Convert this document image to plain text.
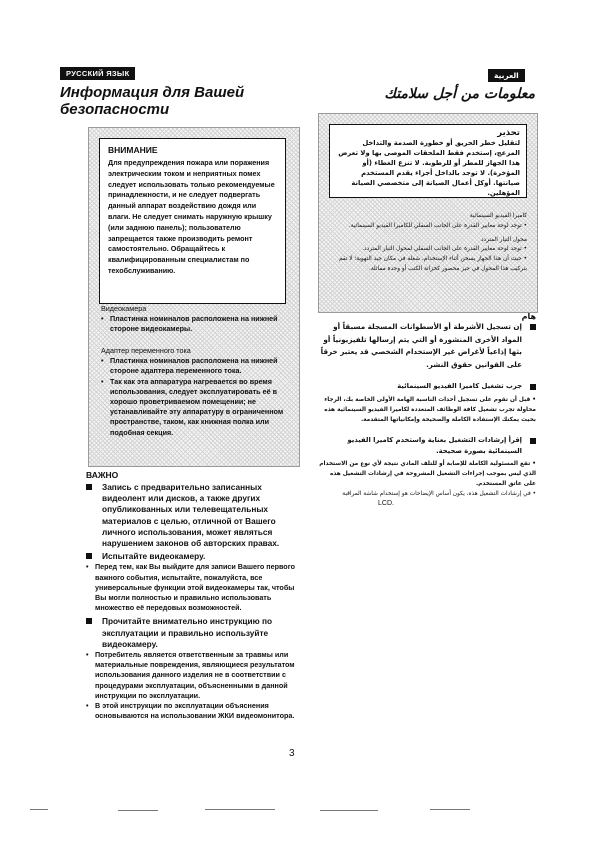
РУССКИЙ ЯЗЫК
Информация для Вашей безопасности
ВНИМАНИЕ
Для предупреждения пожара или поражения электрическим током и неприятных помех следует использовать только рекомендуемые принадлежности, и не следует подвергать данный аппарат воздействию дождя или влаги. Не следует снимать наружную крышку (или заднюю панель); пользователю запрещается также производить ремонт самостоятельно. Обращайтесь к квалифицированным специалистам по техобслуживанию.
Видеокамера
• Пластинка номиналов расположена на нижней стороне видеокамеры.
Адаптер переменного тока
• Пластинка номиналов расположена на нижней стороне адаптера переменного тока.
• Так как эта аппаратура нагревается во время использования, следует эксплуатировать её в хорошо проветриваемом помещении; не устанавливайте эту аппаратуру в ограниченном пространстве, таком, как книжная полка или подобная секция.
ВАЖНО
Запись с предварительно записанных видеолент или дисков, а также других опубликованных или телевещательных материалов с целью, отличной от Вашего личного использования, может являться нарушением законов об авторских правах.
Испытайте видеокамеру.
• Перед тем, как Вы выйдите для записи Вашего первого важного события, испытайте, пожалуйста, все универсальные функции этой видеокамеры так, чтобы Вы могли полностью и правильно использовать множество её передовых возможностей.
Прочитайте внимательно инструкцию по эксплуатации и правильно используйте видеокамеру.
• Потребитель является ответственным за травмы или материальные повреждения, являющиеся результатом использования данного изделия не в соответствии с процедурами эксплуатации, объясненными в данной инструкции по эксплуатации.
• В этой инструкции по эксплуатации объяснения основываются на использовании ЖКИ видеомонитора.
العربية
معلومات من أجل سلامتك
تحذير
لتقليل خطر الحريق أو خطورة الصدمة والتداخل المزعج، إستخدم فقط الملحقات الموصى بها ولا تعرض هذا الجهاز للمطر أو للرطوبة. لا تنزع الغطاء (أو المؤخرة). لا توجد بالداخل أجزاء يقدم المستخدم صيانتها. أوكل أعمال الصيانة إلى متخصصي الصيانة المؤهلين.
كاميرا الفيديو السينمائية
• توجد لوحة معايير القدرة على الجانب السفلي للكاميرا الفيديو السينمائية.
محول التيار المتردد
• توجد لوحة معايير القدرة على الجانب السفلي لمحول التيار المتردد.
• حيث أن هذا الجهاز يسخن أثناء الإستخدام، شغله في مكان جيد التهوية؛ لا تقم بتركيب هذا المحول في حيز محصور كخزانة الكتب أو وحدة مماثلة.
هام
إن تسجيل الأشرطة أو الأسطوانات المسجلة مسبقاً أو المواد الأخرى المنشورة أو التي يتم إرسالها تلفيزيونياً أو بثها إذاعياً لأغراض غير الإستخدام الشخصي قد يعتبر خرقاً على القوانين حقوق النشر.
جرب تشغيل كاميرا الفيديو السينمائية
• قبل أن تقوم على تسجيل أحداث الناسبة الهامة الأولى الخاصة بك، الرجاء محاولة تجرب تشغيل كافة الوظائف المتعددة لكاميرا الفيديو السينمائية هذه بحيث يمكنك الإستفادة الكاملة والصحيحة وإمكانياتها المتقدمة.
إقرأ إرشادات التشغيل بعناية واستخدم كاميرا الفيديو السينمائية بصورة صحيحة.
• تقع المسئولية الكاملة للإصابة أو للتلف المادي نتيجة لأي نوع من الاستخدام الذي ليس بموجب إجراءات التشغيل المشروحة في إرشادات التشغيل هذه على عاتق المستخدم.
• في إرشادات التشغيل هذه، يكون أساس الإيضاحات هو إستخدام شاشة المراقبة
LCD.
3
